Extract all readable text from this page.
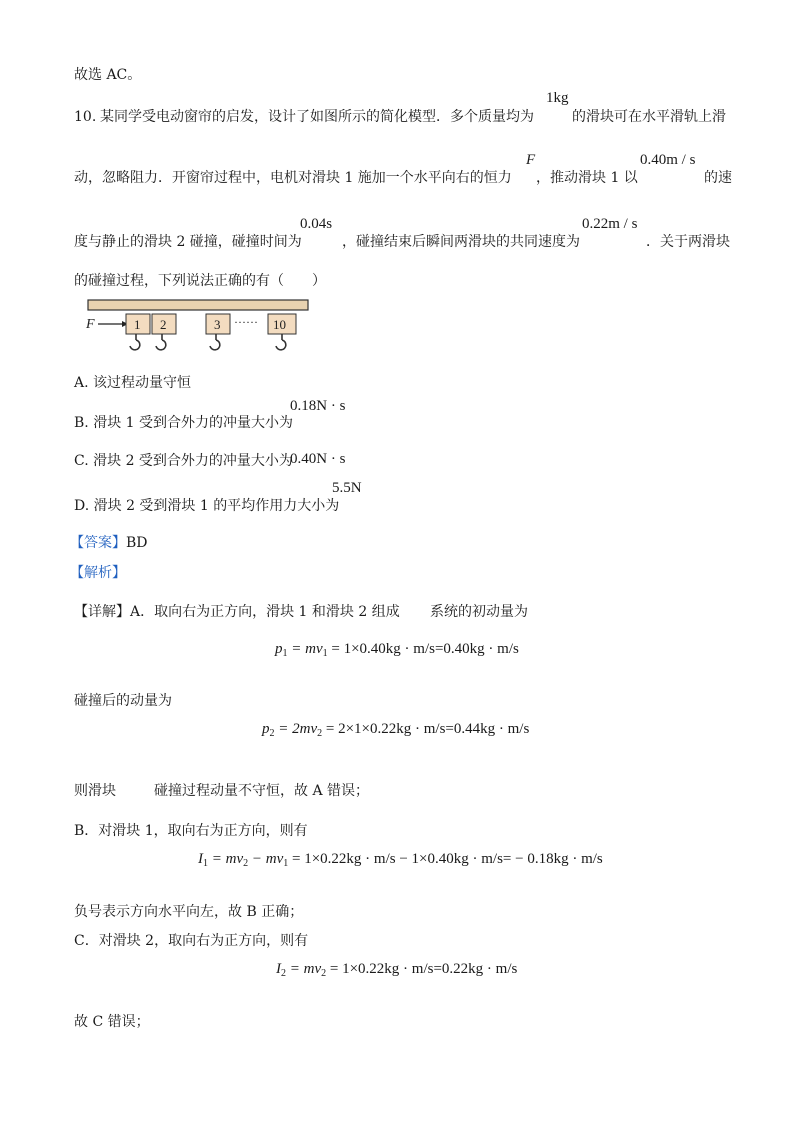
故选 AC。
10. 某同学受电动窗帘的启发，设计了如图所示的简化模型．多个质量均为
1kg
的滑块可在水平滑轨上滑
动，忽略阻力．开窗帘过程中，电机对滑块 1 施加一个水平向右的恒力
F
，推动滑块 1 以
0.40m / s
的速
度与静止的滑块 2 碰撞，碰撞时间为
0.04s
，碰撞结束后瞬间两滑块的共同速度为
0.22m / s
．关于两滑块
的碰撞过程，下列说法正确的有（　　）
F	1 2	3	10
······
A. 该过程动量守恒
B. 滑块 1 受到合外力的冲量大小为
0.18N · s
C. 滑块 2 受到合外力的冲量大小为
0.40N · s
D. 滑块 2 受到滑块 1 的平均作用力大小为
5.5N
【答案】BD
【解析】
【详解】A．取向右为正方向，滑块 1 和滑块 2 组成 系统的初动量为
$p_1 = mv_1 = 1\times 0.40kg \cdot m/s=0.40kg \cdot m/s$
碰撞后的动量为
$p_2 = 2mv_2 = 2\times 1\times 0.22kg \cdot m/s=0.44kg \cdot m/s$
则滑块	碰撞过程动量不守恒，故 A 错误；
B．对滑块 1，取向右为正方向，则有
$I_1 = mv_2 - mv_1 = 1\times 0.22kg \cdot m/s - 1\times 0.40kg \cdot m/s= - 0.18kg \cdot m/s$
负号表示方向水平向左，故 B 正确；
C．对滑块 2，取向右为正方向，则有
$I_2 = mv_2 = 1\times 0.22kg \cdot m/s=0.22kg \cdot m/s$
故 C 错误；
